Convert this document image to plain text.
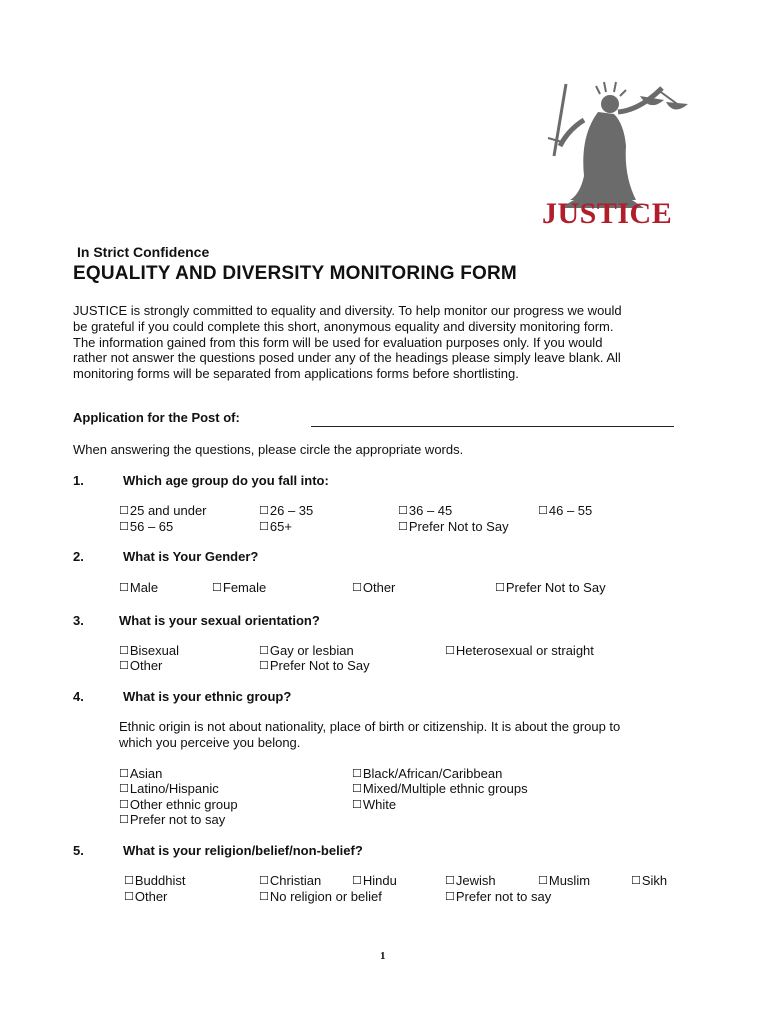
JUSTICE
In Strict Confidence
EQUALITY AND DIVERSITY MONITORING FORM
JUSTICE is strongly committed to equality and diversity. To help monitor our progress we would
be grateful if you could complete this short, anonymous equality and diversity monitoring form.
The information gained from this form will be used for evaluation purposes only. If you would
rather not answer the questions posed under any of the headings please simply leave blank. All
monitoring forms will be separated from applications forms before shortlisting.
Application for the Post of:
When answering the questions, please circle the appropriate words.
1.	Which age group do you fall into:
☐25 and under	☐26 – 35	☐36 – 45	☐46 – 55
☐56 – 65	☐65+	☐Prefer Not to Say
2.	What is Your Gender?
☐Male	☐Female	☐Other	☐Prefer Not to Say
3.	What is your sexual orientation?
☐Bisexual	☐Gay or lesbian	☐Heterosexual or straight
☐Other	☐Prefer Not to Say
4.	What is your ethnic group?
Ethnic origin is not about nationality, place of birth or citizenship. It is about the group to
which you perceive you belong.
☐Asian	☐Black/African/Caribbean
☐Latino/Hispanic	☐Mixed/Multiple ethnic groups
☐Other ethnic group	☐White
☐Prefer not to say
5.	What is your religion/belief/non-belief?
☐Buddhist	☐Christian	☐Hindu	☐Jewish	☐Muslim	☐Sikh
☐Other	☐No religion or belief	☐Prefer not to say
1
